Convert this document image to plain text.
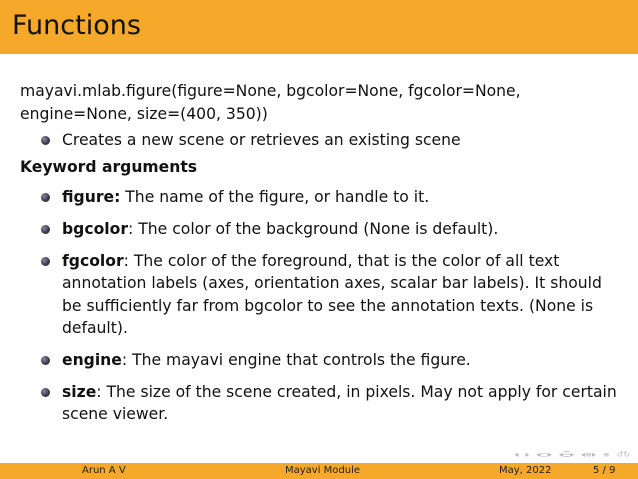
Functions

mayavi.mlab.figure(figure=None, bgcolor=None, fgcolor=None,
engine=None, size=(400, 350))

Creates a new scene or retrieves an existing scene

Keyword arguments

figure: The name of the figure, or handle to it.
bgcolor: The color of the background (None is default).
fgcolor: The color of the foreground, that is the color of all text annotation labels (axes, orientation axes, scalar bar labels). It should be sufficiently far from bgcolor to see the annotation texts. (None is default).
engine: The mayavi engine that controls the figure.
size: The size of the scene created, in pixels. May not apply for certain scene viewer.
◂ ▸ ◂▭▸ ◂☰▸ ◂≡▸ ≡ ↺↻
Arun A V	Mayavi Module	May, 2022	5 / 9
